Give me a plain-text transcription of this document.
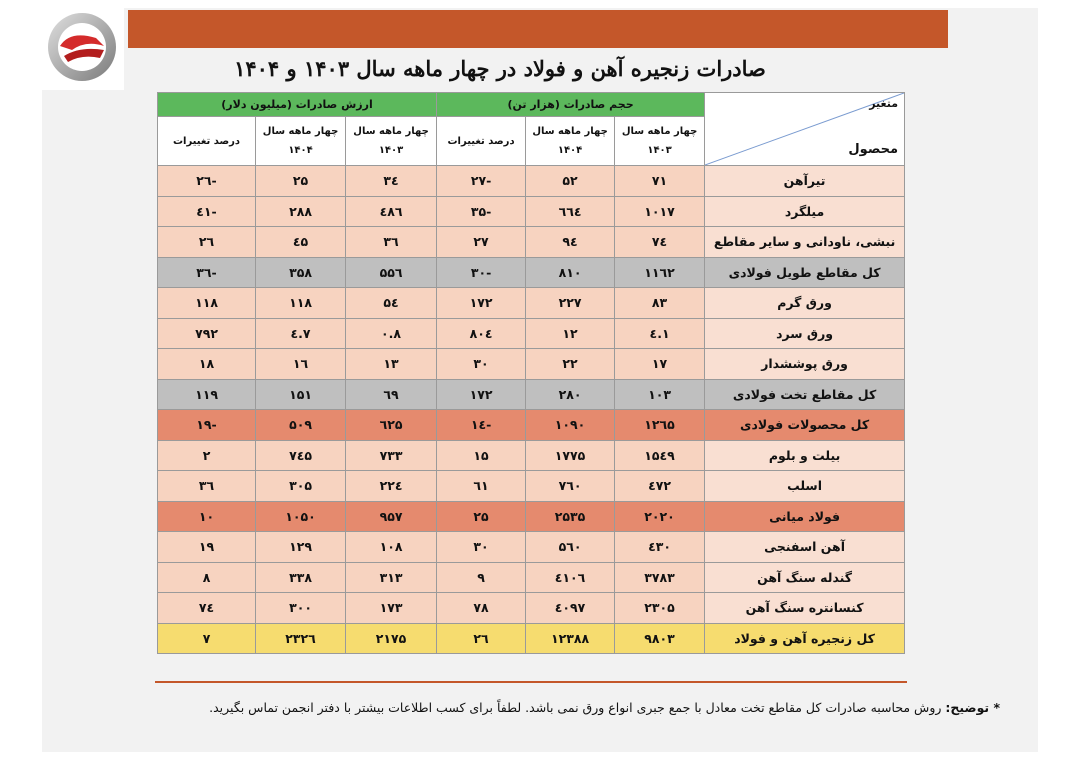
صادرات زنجیره آهن و فولاد در چهار ماهه سال ۱۴۰۳ و ۱۴۰۴
متغیر
محصول	حجم صادرات (هزار تن)			ارزش صادرات (میلیون دلار)		
	چهار ماهه سال ۱۴۰۳	چهار ماهه سال ۱۴۰۴	درصد تغییرات	چهار ماهه سال ۱۴۰۳	چهار ماهه سال ۱۴۰۴	درصد تغییرات
تیرآهن	۷۱	۵۲	-۲۷	۳٤	۲۵	-۲٦
میلگرد	۱۰۱۷	٦٦٤	-۳۵	٤۸٦	۲۸۸	-٤۱
نبشی، ناودانی و سایر مقاطع	۷٤	۹٤	۲۷	۳٦	٤۵	۲٦
کل مقاطع طویل فولادی	۱۱٦۲	۸۱۰	-۳۰	۵۵٦	۳۵۸	-۳٦
ورق گرم	۸۳	۲۲۷	۱۷۲	۵٤	۱۱۸	۱۱۸
ورق سرد	۱.٤	۱۲	۸۰٤	۰.۸	۷.٤	۷۹۲
ورق پوششدار	۱۷	۲۲	۳۰	۱۳	۱٦	۱۸
کل مقاطع تخت فولادی	۱۰۳	۲۸۰	۱۷۲	٦۹	۱۵۱	۱۱۹
کل محصولات فولادی	۱۲٦۵	۱۰۹۰	-۱٤	٦۲۵	۵۰۹	-۱۹
بیلت و بلوم	۱۵٤۹	۱۷۷۵	۱۵	۷۳۳	۷٤۵	۲
اسلب	٤۷۲	۷٦۰	٦۱	۲۲٤	۳۰۵	۳٦
فولاد میانی	۲۰۲۰	۲۵۳۵	۲۵	۹۵۷	۱۰۵۰	۱۰
آهن اسفنجی	٤۳۰	۵٦۰	۳۰	۱۰۸	۱۲۹	۱۹
گندله سنگ آهن	۳۷۸۳	٤۱۰٦	۹	۳۱۳	۳۳۸	۸
کنسانتره سنگ آهن	۲۳۰۵	٤۰۹۷	۷۸	۱۷۳	۳۰۰	۷٤
کل زنجیره آهن و فولاد	۹۸۰۳	۱۲۳۸۸	۲٦	۲۱۷۵	۲۳۲٦	۷
* توضیح: روش محاسبه صادرات کل مقاطع تخت معادل با جمع جبری انواع ورق نمی باشد. لطفاً برای کسب اطلاعات بیشتر با دفتر انجمن تماس بگیرید.
